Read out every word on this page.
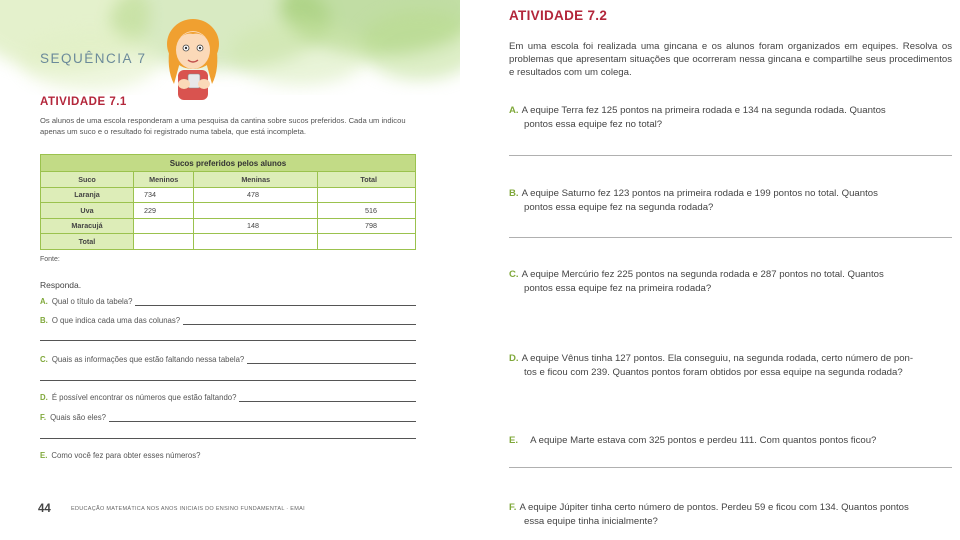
SEQUÊNCIA 7
ATIVIDADE 7.1
Os alunos de uma escola responderam a uma pesquisa da cantina sobre sucos preferidos. Cada um indicou apenas um suco e o resultado foi registrado numa tabela, que está incompleta.
Sucos preferidos pelos alunos			
Suco	Meninos	Meninas	Total
Laranja	734	478	
Uva	229		516
Maracujá		148	798
Total			
Fonte:
Responda.
A. Qual o título da tabela?
B. O que indica cada uma das colunas?
C. Quais as informações que estão faltando nessa tabela?
D. É possível encontrar os números que estão faltando?
F. Quais são eles?
E. Como você fez para obter esses números?
44	EDUCAÇÃO MATEMÁTICA NOS ANOS INICIAIS DO ENSINO FUNDAMENTAL · EMAI
ATIVIDADE 7.2
Em uma escola foi realizada uma gincana e os alunos foram organizados em equipes. Resolva os problemas que apresentam situações que ocorreram nessa gincana e compartilhe seus procedimentos e resultados com um colega.
A. A equipe Terra fez 125 pontos na primeira rodada e 134 na segunda rodada. Quantos
pontos essa equipe fez no total?
B. A equipe Saturno fez 123 pontos na primeira rodada e 199 pontos no total. Quantos
pontos essa equipe fez na segunda rodada?
C. A equipe Mercúrio fez 225 pontos na segunda rodada e 287 pontos no total. Quantos
pontos essa equipe fez na primeira rodada?
D. A equipe Vênus tinha 127 pontos. Ela conseguiu, na segunda rodada, certo número de pon-
tos e ficou com 239. Quantos pontos foram obtidos por essa equipe na segunda rodada?
E. A equipe Marte estava com 325 pontos e perdeu 111. Com quantos pontos ficou?
F. A equipe Júpiter tinha certo número de pontos. Perdeu 59 e ficou com 134. Quantos pontos
essa equipe tinha inicialmente?
